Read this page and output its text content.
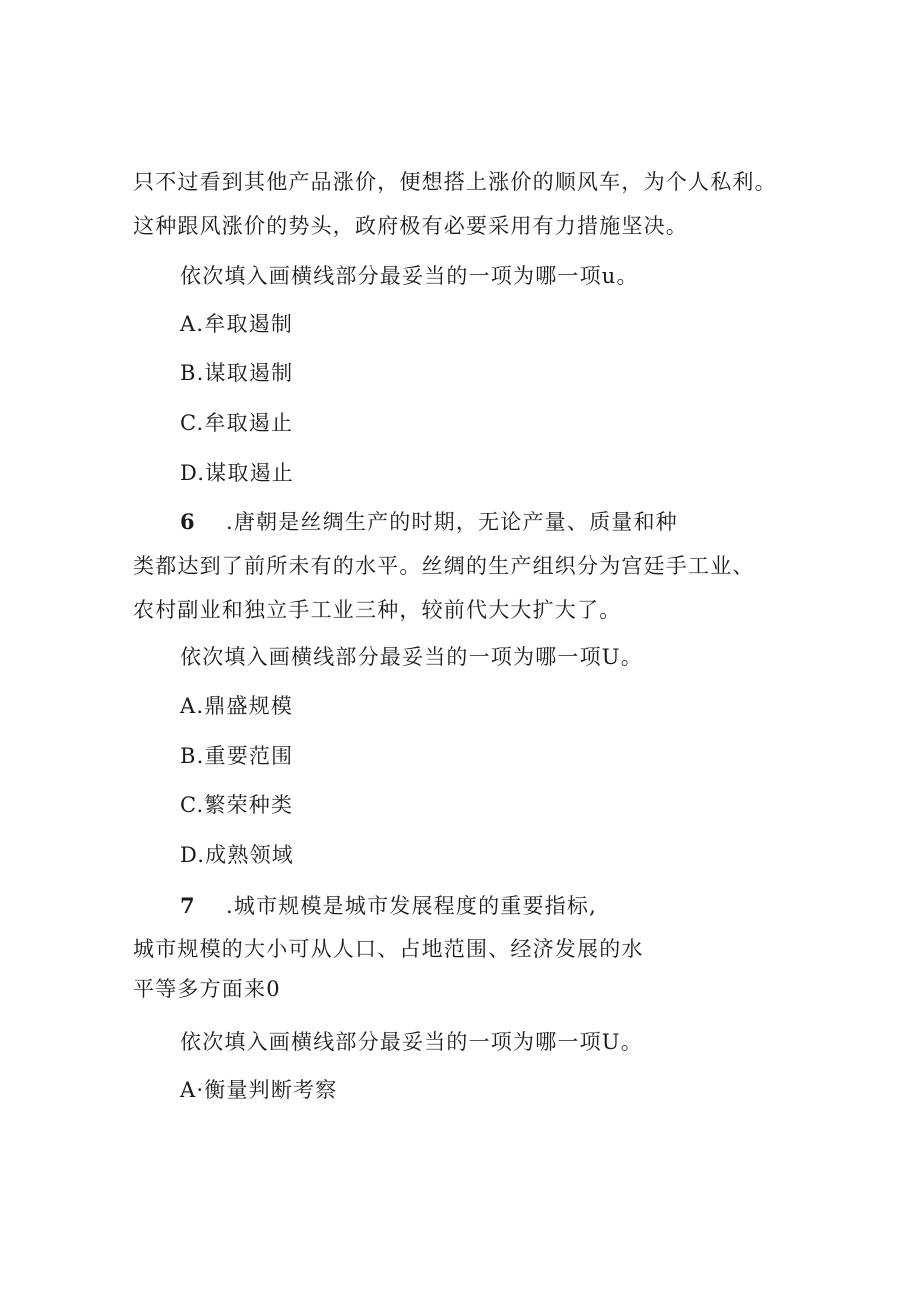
只不过看到其他产品涨价，便想搭上涨价的顺风车，为个人私利。
这种跟风涨价的势头，政府极有必要采用有力措施坚决。
依次填入画横线部分最妥当的一项为哪一项u。
A.牟取遏制
B.谋取遏制
C.牟取遏止
D.谋取遏止
6 .唐朝是丝绸生产的时期，无论产量、质量和种
类都达到了前所未有的水平。丝绸的生产组织分为宫廷手工业、
农村副业和独立手工业三种，较前代大大扩大了。
依次填入画横线部分最妥当的一项为哪一项U。
A.鼎盛规模
B.重要范围
C.繁荣种类
D.成熟领域
7 .城市规模是城市发展程度的重要指标,
城市规模的大小可从人口、占地范围、经济发展的水
平等多方面来0
依次填入画横线部分最妥当的一项为哪一项U。
A·衡量判断考察
